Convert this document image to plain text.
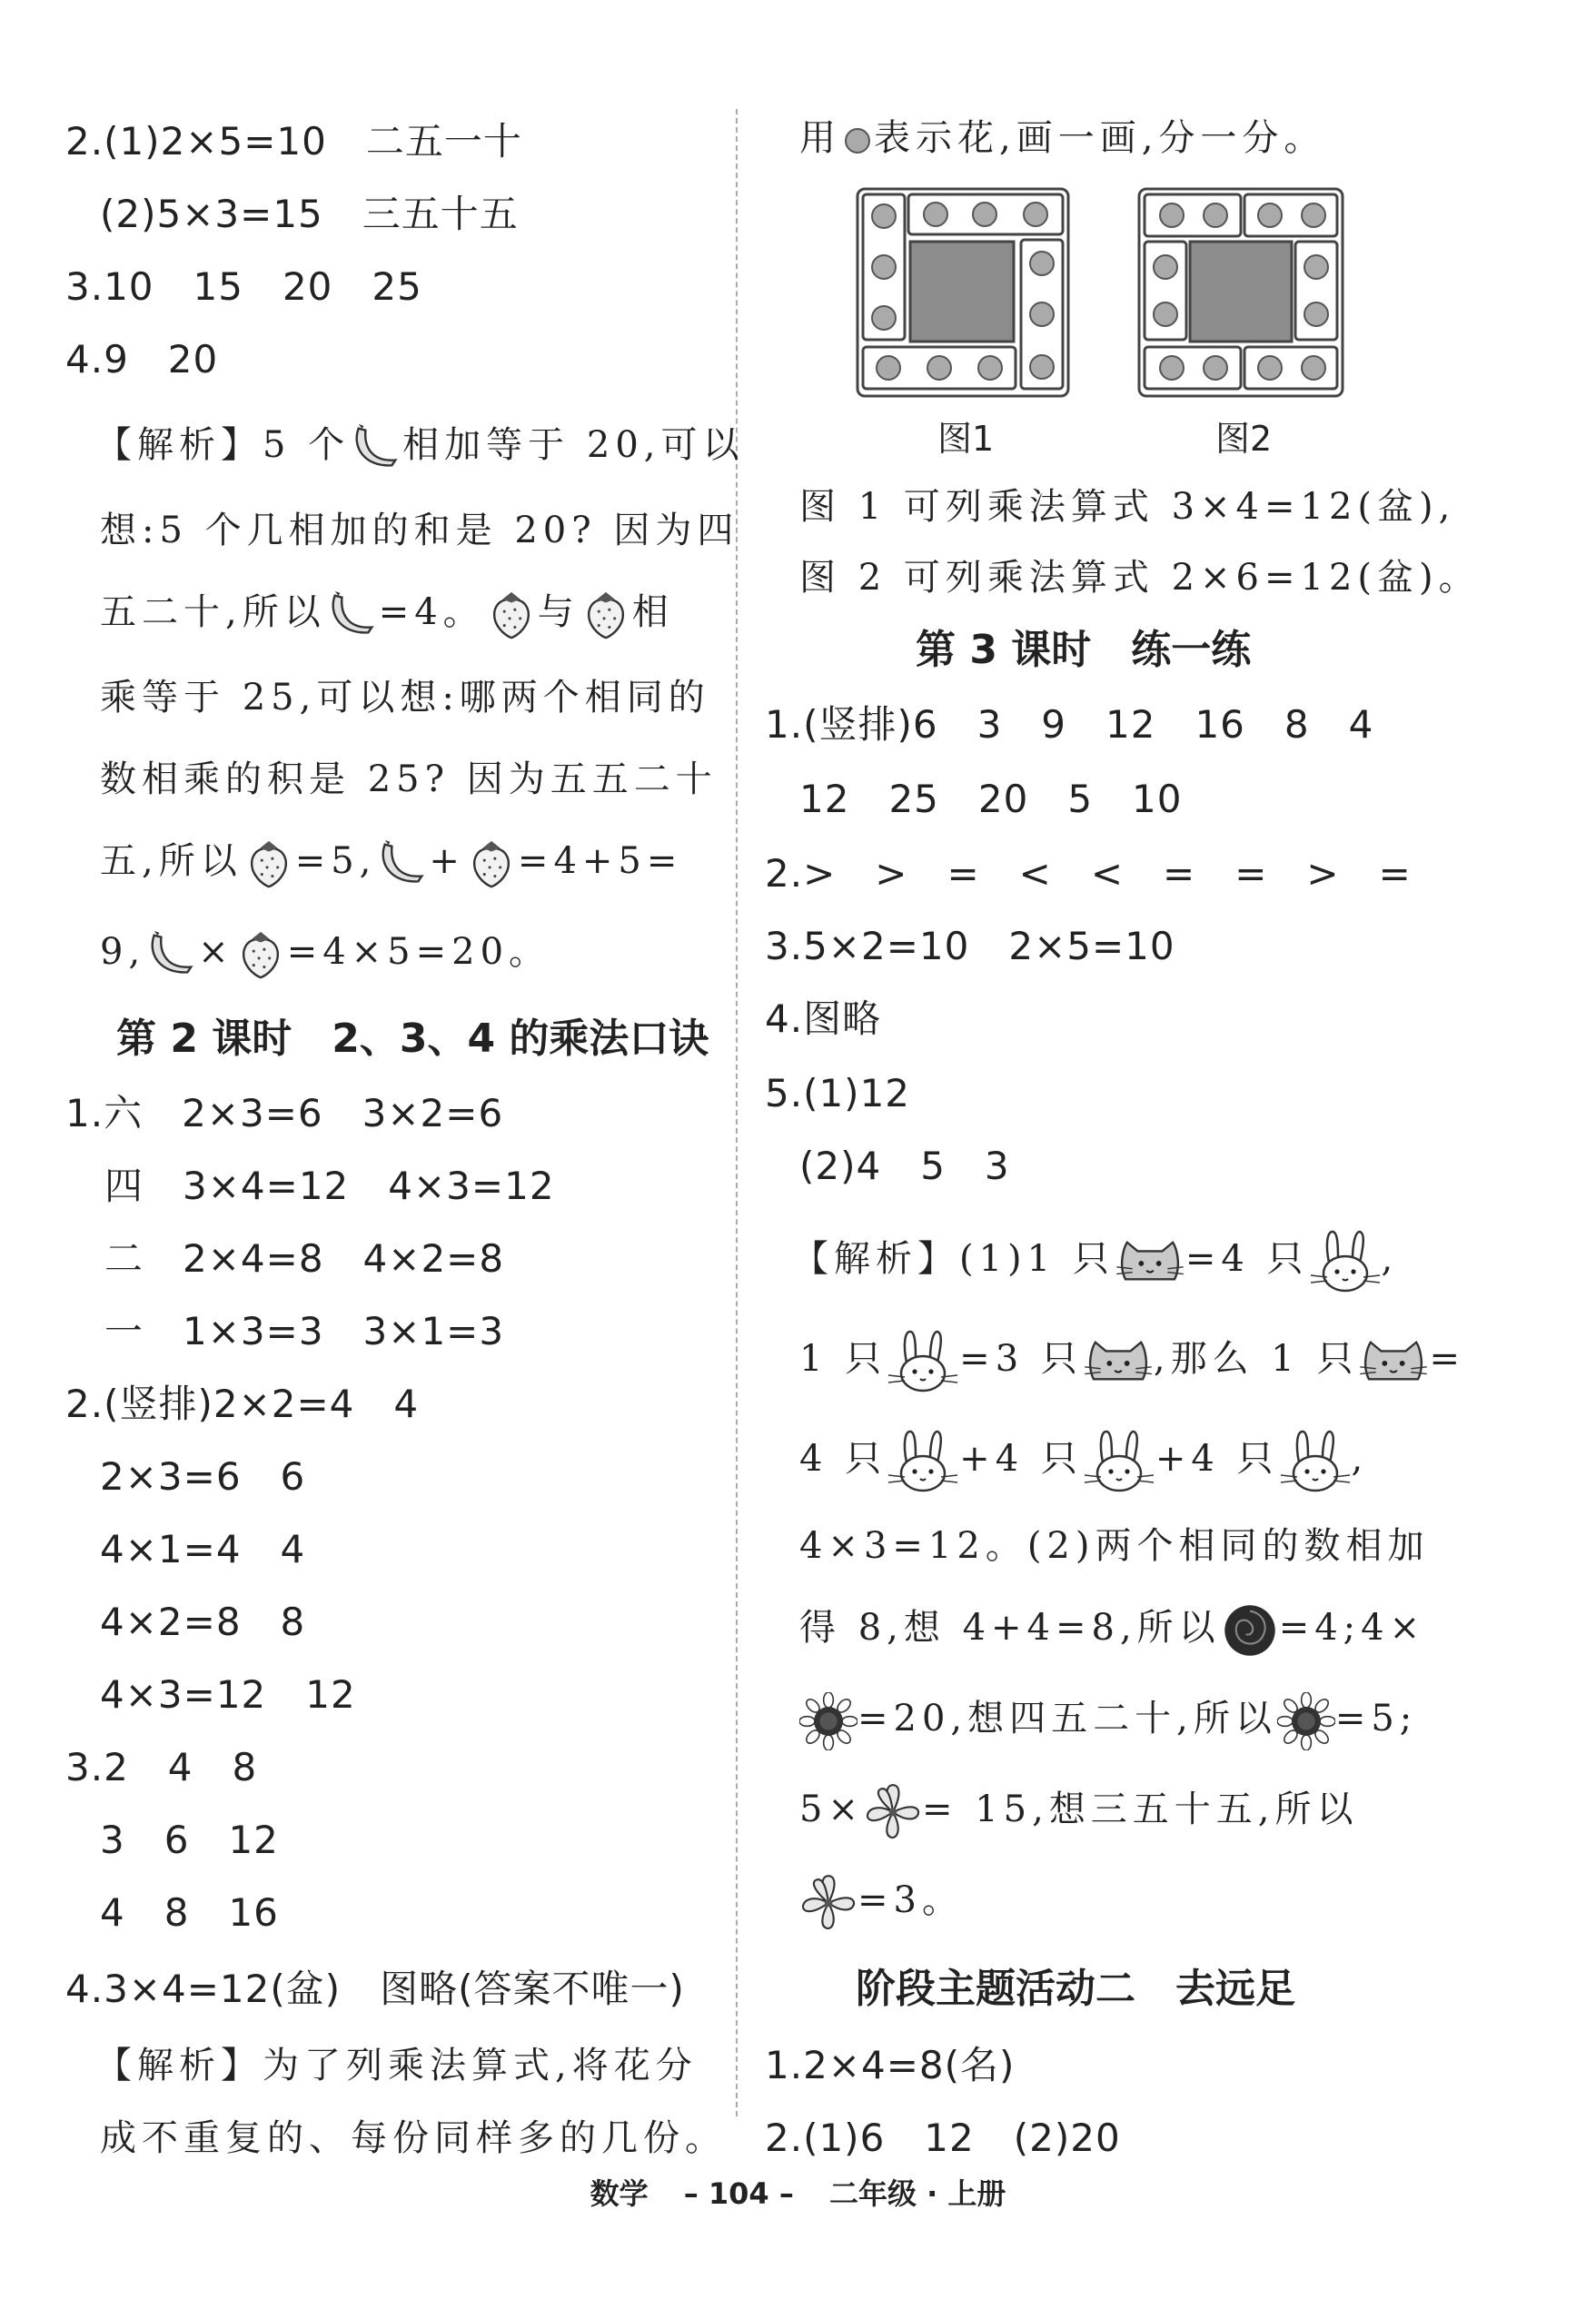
2.(1)2×5=10　二五一十
(2)5×3=15　三五十五
3.10　15　20　25
4.9　20
【解析】5 个 相加等于 20,可以
想:5 个几相加的和是 20? 因为四
五二十,所以 =4。 与 相
乘等于 25,可以想:哪两个相同的
数相乘的积是 25? 因为五五二十
五,所以 =5, + =4+5=
9, × =4×5=20。
第 2 课时　2、3、4 的乘法口诀
1.六　2×3=6　3×2=6
四　3×4=12　4×3=12
二　2×4=8　4×2=8
一　1×3=3　3×1=3
2.(竖排)2×2=4　4
2×3=6　6
4×1=4　4
4×2=8　8
4×3=12　12
3.2　4　8
3　6　12
4　8　16
4.3×4=12(盆)　图略(答案不唯一)
【解析】为了列乘法算式,将花分
成不重复的、每份同样多的几份。
用 表示花,画一画,分一分。
图1	图2
图 1 可列乘法算式 3×4=12(盆),
图 2 可列乘法算式 2×6=12(盆)。
第 3 课时　练一练
1.(竖排)6　3　9　12　16　8　4
12　25　20　5　10
2.>　>　=　<　<　=　=　>　=
3.5×2=10　2×5=10
4.图略
5.(1)12
(2)4　5　3
【解析】(1)1 只 =4 只 ,
1 只 =3 只 ,那么 1 只 =
4 只 +4 只 +4 只 ,
4×3=12。(2)两个相同的数相加
得 8,想 4+4=8,所以 =4;4×
=20,想四五二十,所以 =5;
5× = 15,想三五十五,所以
=3。
阶段主题活动二　去远足
1.2×4=8(名)
2.(1)6　12　(2)20
数学 – 104 – 二年级 · 上册
